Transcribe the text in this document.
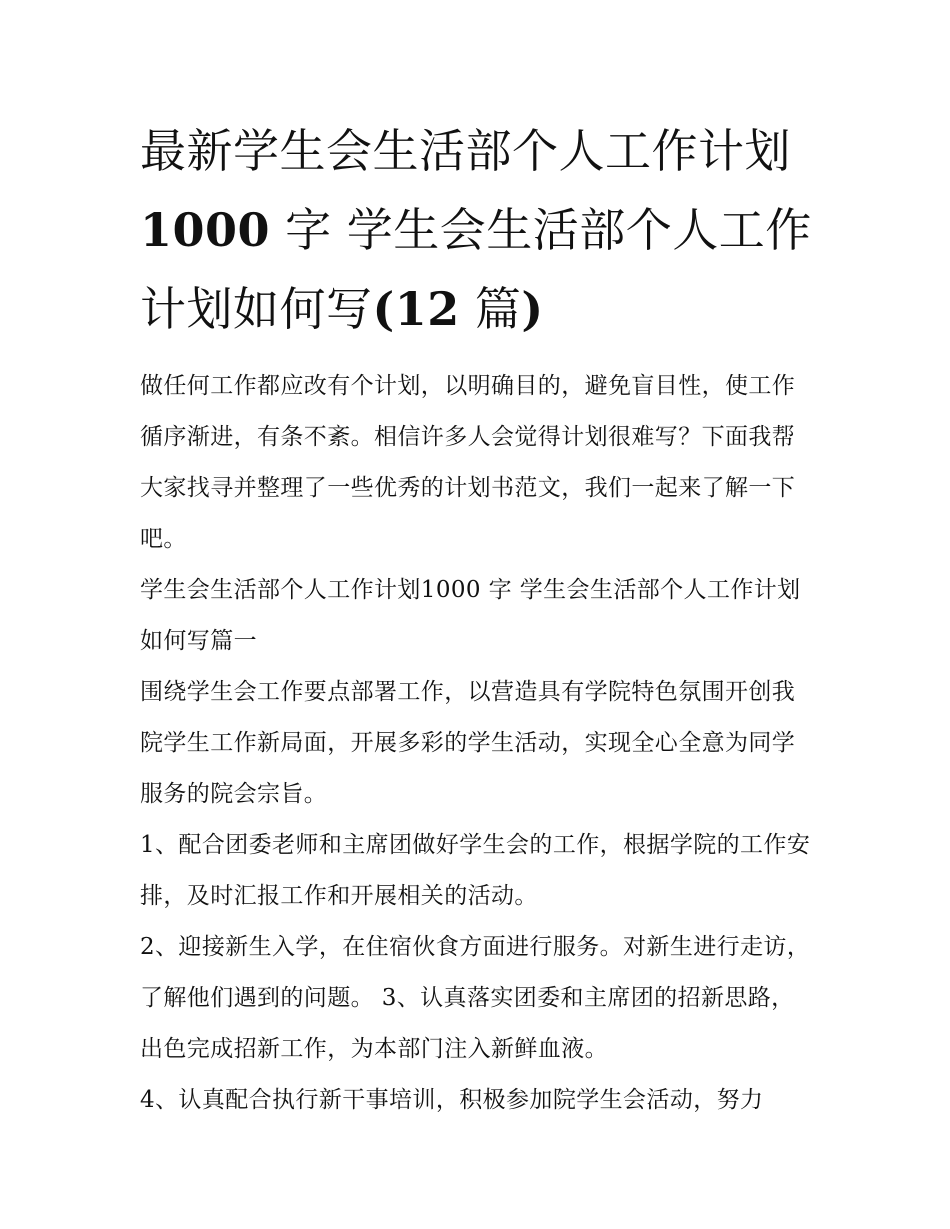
最新学生会生活部个人工作计划1000 字 学生会生活部个人工作计划如何写(12 篇)

做任何工作都应改有个计划，以明确目的，避免盲目性，使工作循序渐进，有条不紊。相信许多人会觉得计划很难写？下面我帮大家找寻并整理了一些优秀的计划书范文，我们一起来了解一下吧。

学生会生活部个人工作计划1000 字 学生会生活部个人工作计划如何写篇一

围绕学生会工作要点部署工作，以营造具有学院特色氛围开创我院学生工作新局面，开展多彩的学生活动，实现全心全意为同学服务的院会宗旨。

1、配合团委老师和主席团做好学生会的工作，根据学院的工作安排，及时汇报工作和开展相关的活动。

2、迎接新生入学，在住宿伙食方面进行服务。对新生进行走访，了解他们遇到的问题。 3、认真落实团委和主席团的招新思路，出色完成招新工作，为本部门注入新鲜血液。

4、认真配合执行新干事培训，积极参加院学生会活动，努力
